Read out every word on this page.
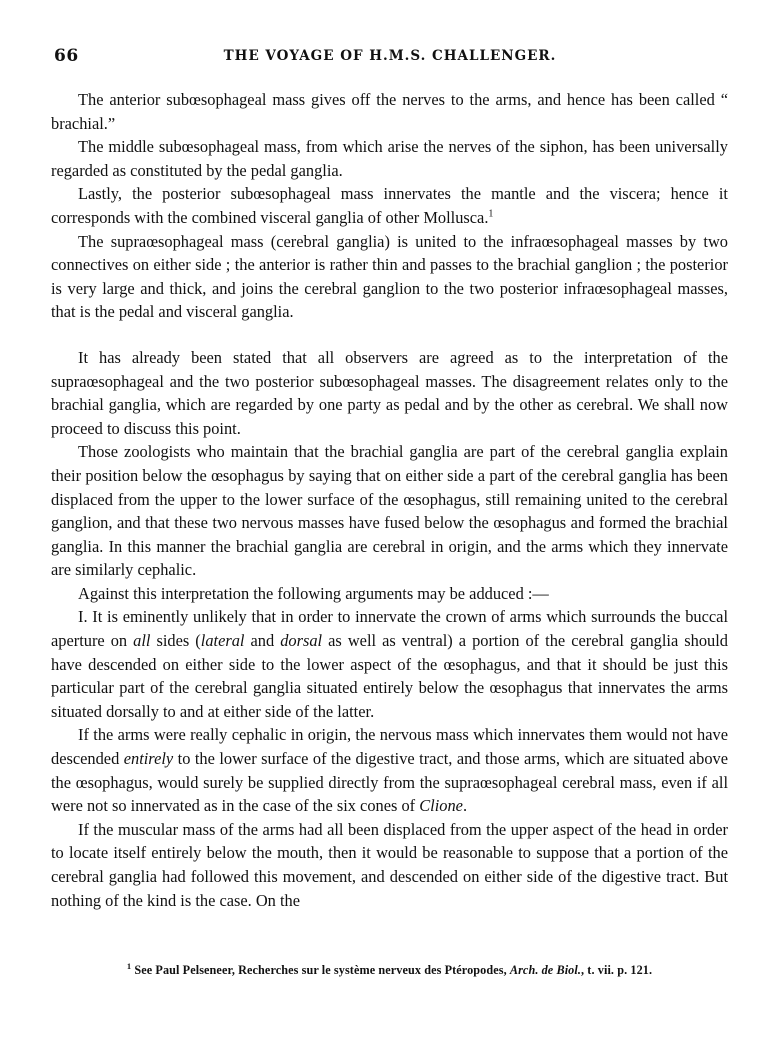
66	THE VOYAGE OF H.M.S. CHALLENGER.

The anterior subœsophageal mass gives off the nerves to the arms, and hence has been called “ brachial.”

The middle subœsophageal mass, from which arise the nerves of the siphon, has been universally regarded as constituted by the pedal ganglia.

Lastly, the posterior subœsophageal mass innervates the mantle and the viscera; hence it corresponds with the combined visceral ganglia of other Mollusca.$^1$

The supraœsophageal mass (cerebral ganglia) is united to the infraœsophageal masses by two connectives on either side ; the anterior is rather thin and passes to the brachial ganglion ; the posterior is very large and thick, and joins the cerebral ganglion to the two posterior infraœsophageal masses, that is the pedal and visceral ganglia.

It has already been stated that all observers are agreed as to the interpretation of the supraœsophageal and the two posterior subœsophageal masses. The disagreement relates only to the brachial ganglia, which are regarded by one party as pedal and by the other as cerebral. We shall now proceed to discuss this point.

Those zoologists who maintain that the brachial ganglia are part of the cerebral ganglia explain their position below the œsophagus by saying that on either side a part of the cerebral ganglia has been displaced from the upper to the lower surface of the œsophagus, still remaining united to the cerebral ganglion, and that these two nervous masses have fused below the œsophagus and formed the brachial ganglia. In this manner the brachial ganglia are cerebral in origin, and the arms which they innervate are similarly cephalic.

Against this interpretation the following arguments may be adduced :—

I. It is eminently unlikely that in order to innervate the crown of arms which surrounds the buccal aperture on all sides (lateral and dorsal as well as ventral) a portion of the cerebral ganglia should have descended on either side to the lower aspect of the œsophagus, and that it should be just this particular part of the cerebral ganglia situated entirely below the œsophagus that innervates the arms situated dorsally to and at either side of the latter.

If the arms were really cephalic in origin, the nervous mass which innervates them would not have descended entirely to the lower surface of the digestive tract, and those arms, which are situated above the œsophagus, would surely be supplied directly from the supraœsophageal cerebral mass, even if all were not so innervated as in the case of the six cones of Clione.

If the muscular mass of the arms had all been displaced from the upper aspect of the head in order to locate itself entirely below the mouth, then it would be reasonable to suppose that a portion of the cerebral ganglia had followed this movement, and descended on either side of the digestive tract. But nothing of the kind is the case. On the

$^1$ See Paul Pelseneer, Recherches sur le système nerveux des Ptéropodes, Arch. de Biol., t. vii. p. 121.
